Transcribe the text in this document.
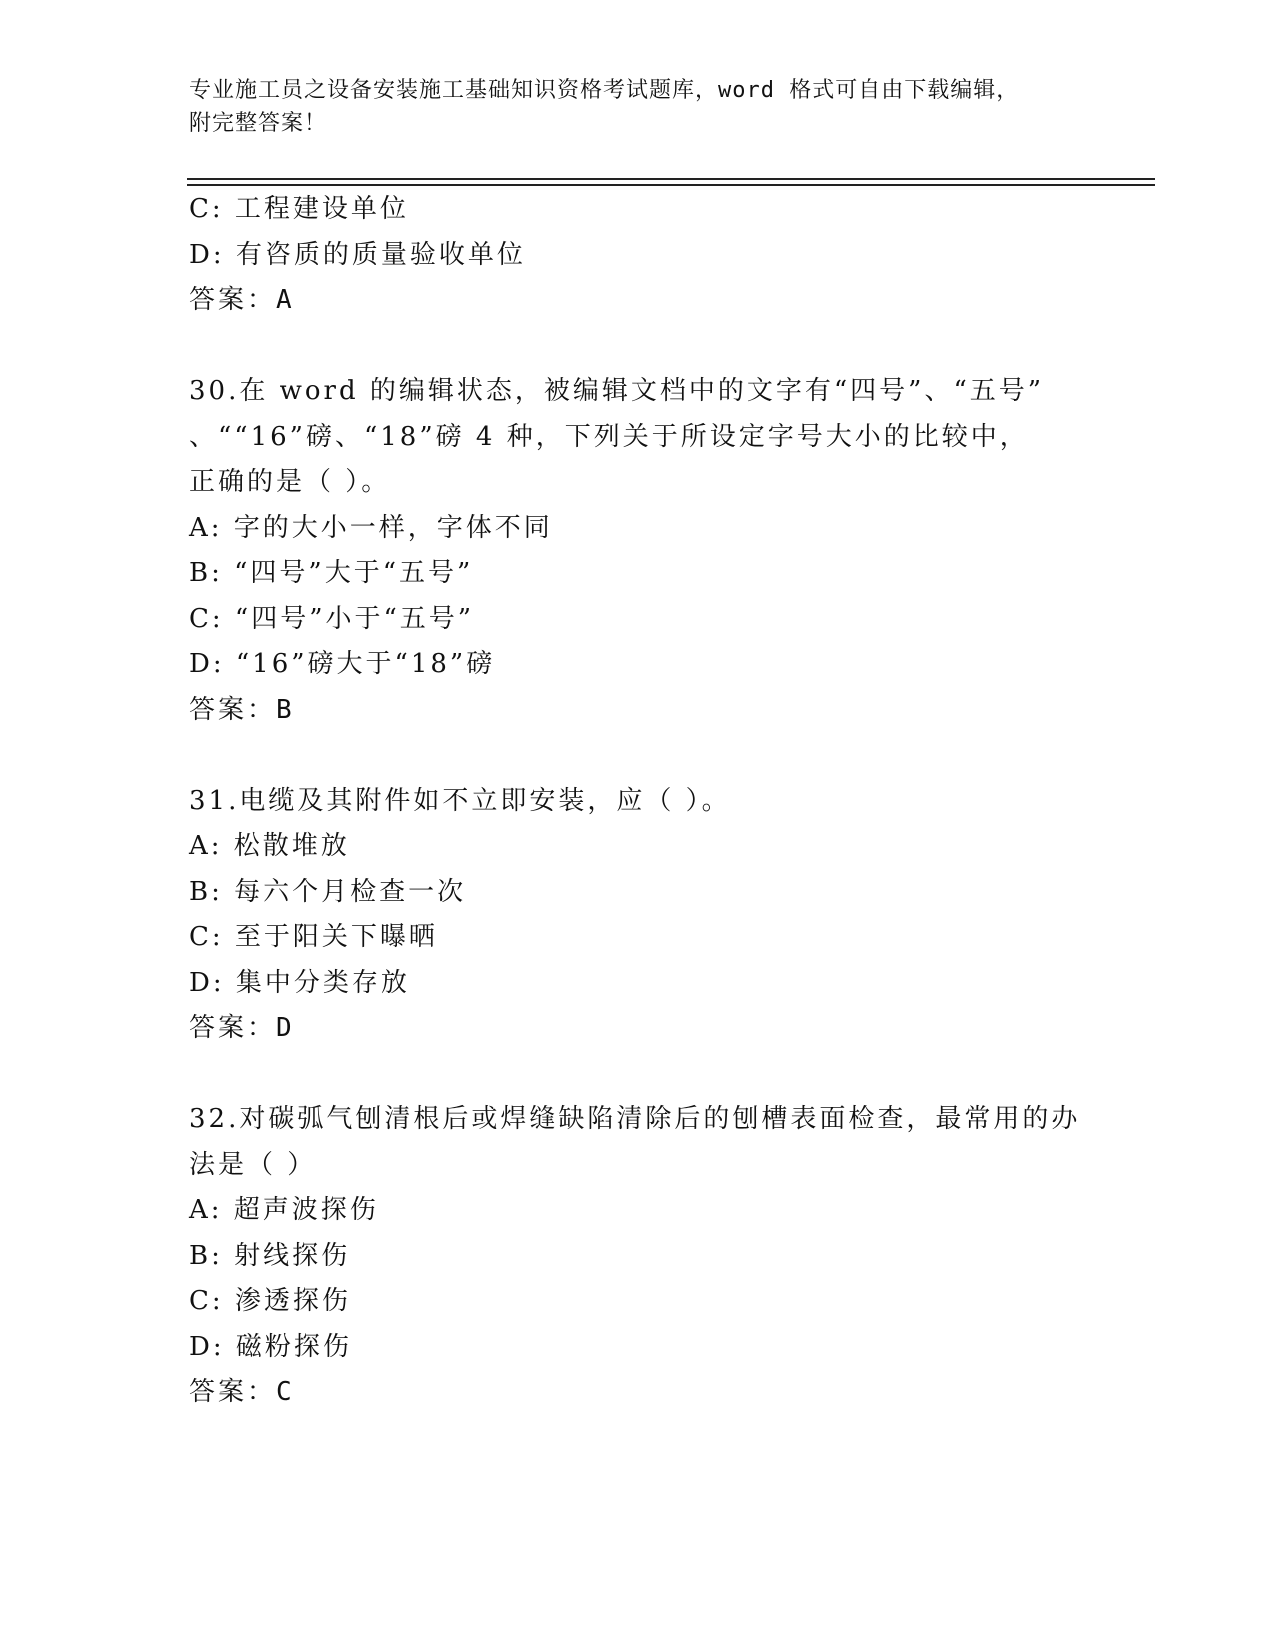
专业施工员之设备安装施工基础知识资格考试题库，word 格式可自由下载编辑，
附完整答案！

C: 工程建设单位

D: 有咨质的质量验收单位

答案：A

30.在 word 的编辑状态，被编辑文档中的文字有“四号”、“五号”

、““16”磅、“18”磅 4 种，下列关于所设定字号大小的比较中，

正确的是（ ）。

A: 字的大小一样，字体不同

B: “四号”大于“五号”

C: “四号”小于“五号”

D: “16”磅大于“18”磅

答案：B

31.电缆及其附件如不立即安装，应（ ）。

A: 松散堆放

B: 每六个月检查一次

C: 至于阳关下曝晒

D: 集中分类存放

答案：D

32.对碳弧气刨清根后或焊缝缺陷清除后的刨槽表面检查，最常用的办

法是（ ）

A: 超声波探伤

B: 射线探伤

C: 渗透探伤

D: 磁粉探伤

答案：C
